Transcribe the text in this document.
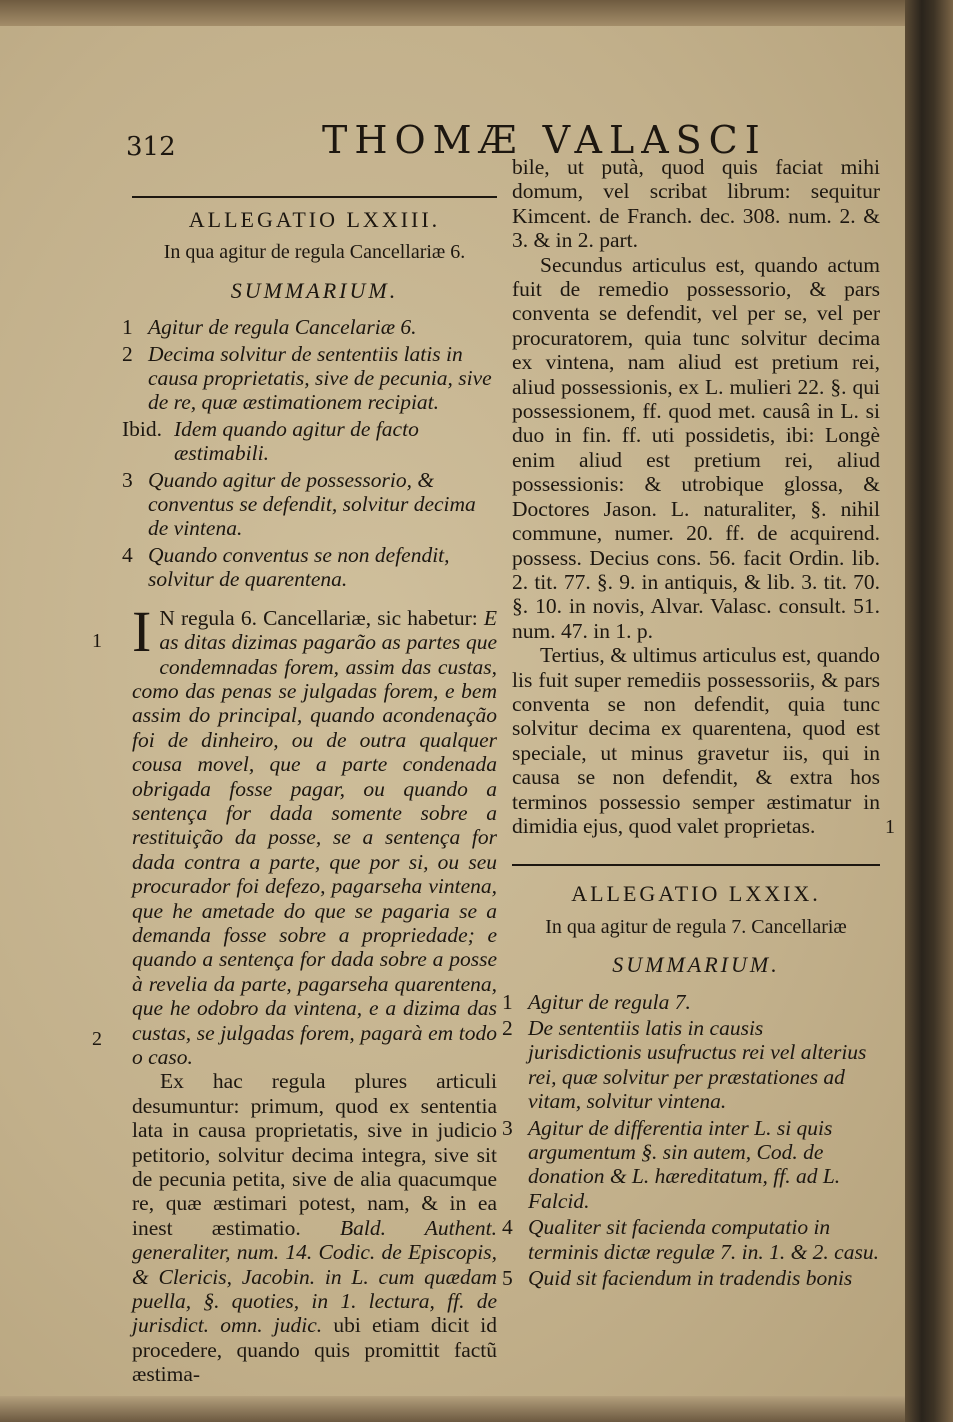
312	THOMÆ VALASCI
1
2
1
ALLEGATIO LXXIII.
In qua agitur de regula Cancellariæ 6.
SUMMARIUM.
1 Agitur de regula Cancelariæ 6.
2 Decima solvitur de sententiis latis in causa proprietatis, sive de pecunia, sive de re, quæ æstimationem recipiat.
Ibid. Idem quando agitur de facto æstimabili.
3 Quando agitur de possessorio, & conventus se defendit, solvitur decima de vintena.
4 Quando conventus se non defendit, solvitur de quarentena.
I N regula 6. Cancellariæ, sic habetur: E as ditas dizimas pagarão as partes que condemnadas forem, assim das custas, como das penas se julgadas forem, e bem assim do principal, quando acondenação foi de dinheiro, ou de outra qualquer cousa movel, que a parte condenada obrigada fosse pagar, ou quando a sentença for dada somente sobre a restituição da posse, se a sentença for dada contra a parte, que por si, ou seu procurador foi defezo, pagarseha vintena, que he ametade do que se pagaria se a demanda fosse sobre a propriedade; e quando a sentença for dada sobre a posse à revelia da parte, pagarseha quarentena, que he odobro da vintena, e a dizima das custas, se julgadas forem, pagarà em todo o caso.

Ex hac regula plures articuli desumuntur: primum, quod ex sententia lata in causa proprietatis, sive in judicio petitorio, solvitur decima integra, sive sit de pecunia petita, sive de alia quacumque re, quæ æstimari potest, nam, & in ea inest æstimatio. Bald. Authent. generaliter, num. 14. Codic. de Episcopis, & Clericis, Jacobin. in L. cum quædam puella, §. quoties, in 1. lectura, ff. de jurisdict. omn. judic. ubi etiam dicit id procedere, quando quis promittit factũ æstima-

bile, ut putà, quod quis faciat mihi domum, vel scribat librum: sequitur Kimcent. de Franch. dec. 308. num. 2. & 3. & in 2. part.

Secundus articulus est, quando actum fuit de remedio possessorio, & pars conventa se defendit, vel per se, vel per procuratorem, quia tunc solvitur decima ex vintena, nam aliud est pretium rei, aliud possessionis, ex L. mulieri 22. §. qui possessionem, ff. quod met. causâ in L. si duo in fin. ff. uti possidetis, ibi: Longè enim aliud est pretium rei, aliud possessionis: & utrobique glossa, & Doctores Jason. L. naturaliter, §. nihil commune, numer. 20. ff. de acquirend. possess. Decius cons. 56. facit Ordin. lib. 2. tit. 77. §. 9. in antiquis, & lib. 3. tit. 70. §. 10. in novis, Alvar. Valasc. consult. 51. num. 47. in 1. p.

Tertius, & ultimus articulus est, quando lis fuit super remediis possessoriis, & pars conventa se non defendit, quia tunc solvitur decima ex quarentena, quod est speciale, ut minus gravetur iis, qui in causa se non defendit, & extra hos terminos possessio semper æstimatur in dimidia ejus, quod valet proprietas.

ALLEGATIO LXXIX.
In qua agitur de regula 7. Cancellariæ
SUMMARIUM.
1 Agitur de regula 7.
2 De sententiis latis in causis jurisdictionis usufructus rei vel alterius rei, quæ solvitur per præstationes ad vitam, solvitur vintena.
3 Agitur de differentia inter L. si quis argumentum §. sin autem, Cod. de donation & L. hæreditatum, ff. ad L. Falcid.
4 Qualiter sit facienda computatio in terminis dictæ regulæ 7. in. 1. & 2. casu.
5 Quid sit faciendum in tradendis bonis
